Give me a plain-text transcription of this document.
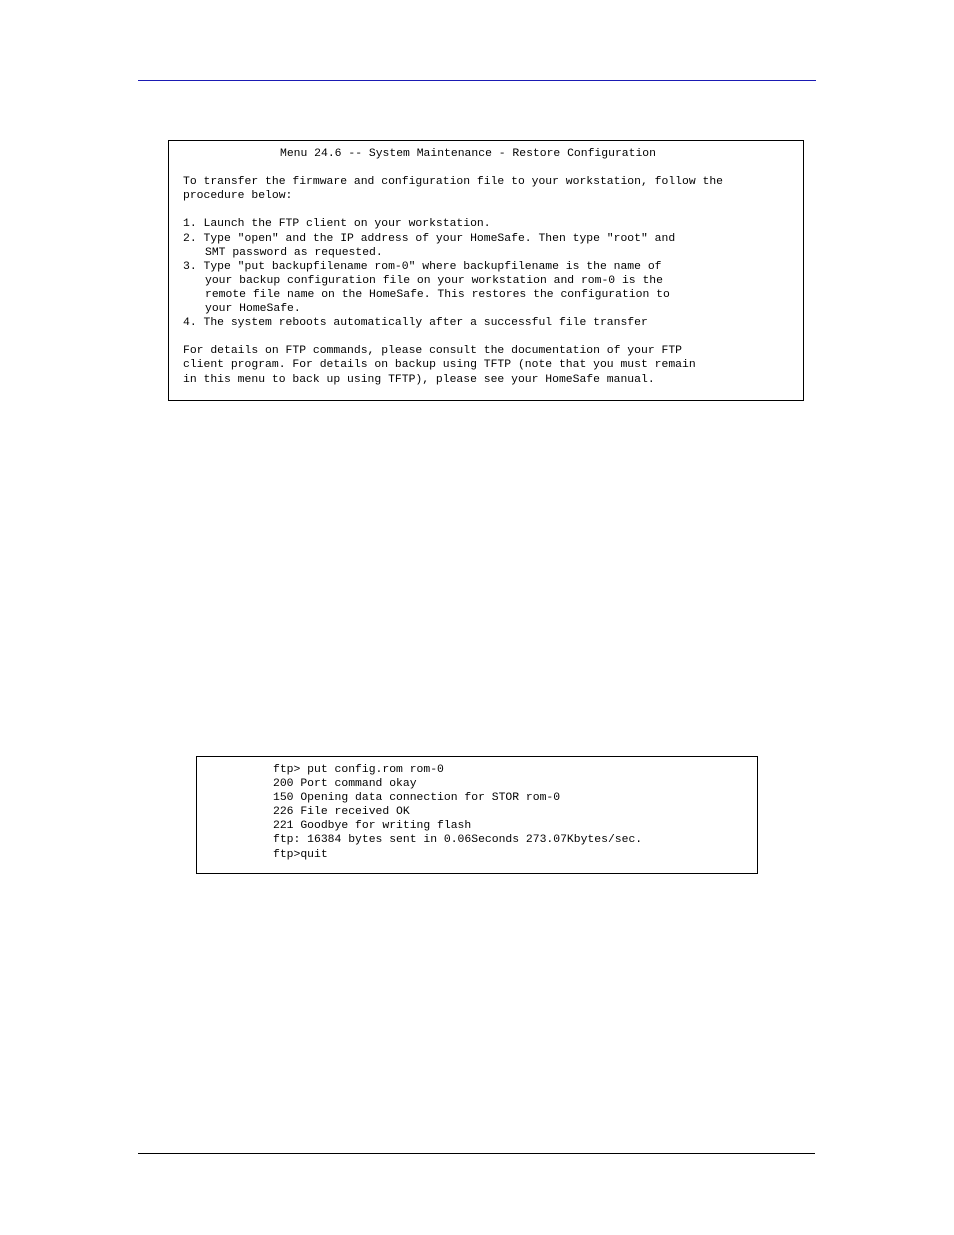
Menu 24.6 -- System Maintenance - Restore Configuration
To transfer the firmware and configuration file to your workstation, follow the
procedure below:
1. Launch the FTP client on your workstation.
2. Type "open" and the IP address of your HomeSafe. Then type "root" and
SMT password as requested.
3. Type "put backupfilename rom-0" where backupfilename is the name of
your backup configuration file on your workstation and rom-0 is the
remote file name on the HomeSafe. This restores the configuration to
your HomeSafe.
4. The system reboots automatically after a successful file transfer
For details on FTP commands, please consult the documentation of your FTP
client program. For details on backup using TFTP (note that you must remain
in this menu to back up using TFTP), please see your HomeSafe manual.
ftp> put config.rom rom-0
200 Port command okay
150 Opening data connection for STOR rom-0
226 File received OK
221 Goodbye for writing flash
ftp: 16384 bytes sent in 0.06Seconds 273.07Kbytes/sec.
ftp>quit
